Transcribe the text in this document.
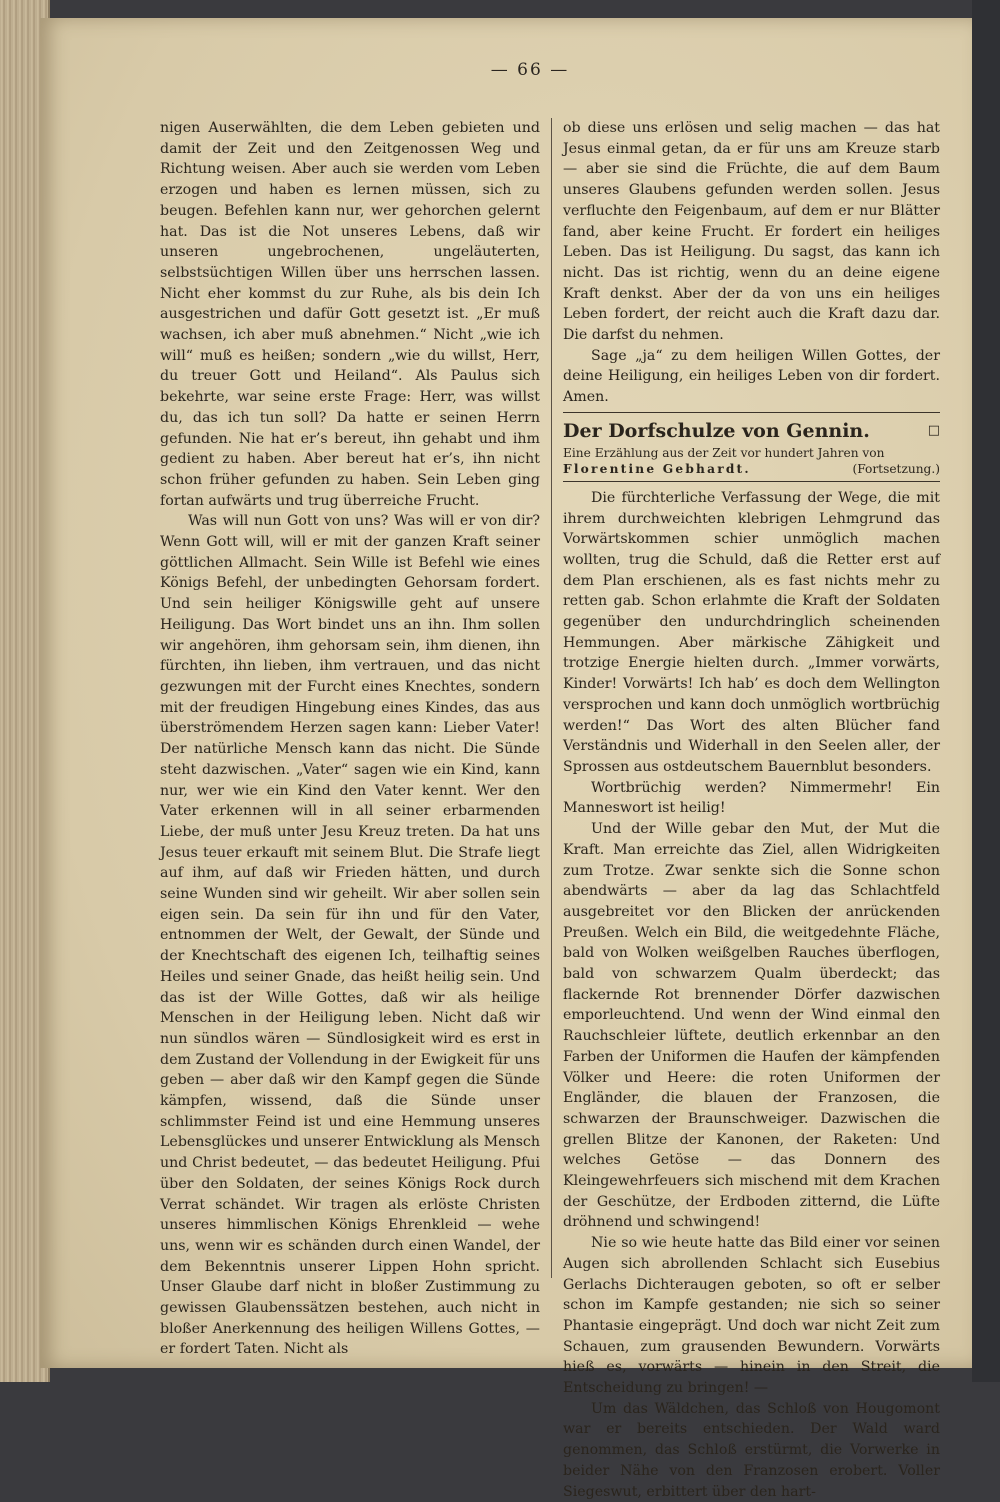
— 66 —

nigen Auserwählten, die dem Leben gebieten und damit der Zeit und den Zeitgenossen Weg und Richtung weisen. Aber auch sie werden vom Leben erzogen und haben es lernen müssen, sich zu beugen. Befehlen kann nur, wer gehorchen gelernt hat. Das ist die Not unseres Lebens, daß wir unseren ungebrochenen, ungeläuterten, selbstsüchtigen Willen über uns herrschen lassen. Nicht eher kommst du zur Ruhe, als bis dein Ich ausgestrichen und dafür Gott gesetzt ist. „Er muß wachsen, ich aber muß abnehmen.“ Nicht „wie ich will“ muß es heißen; sondern „wie du willst, Herr, du treuer Gott und Heiland“. Als Paulus sich bekehrte, war seine erste Frage: Herr, was willst du, das ich tun soll? Da hatte er seinen Herrn gefunden. Nie hat er’s bereut, ihn gehabt und ihm gedient zu haben. Aber bereut hat er’s, ihn nicht schon früher gefunden zu haben. Sein Leben ging fortan aufwärts und trug überreiche Frucht.

Was will nun Gott von uns? Was will er von dir? Wenn Gott will, will er mit der ganzen Kraft seiner göttlichen Allmacht. Sein Wille ist Befehl wie eines Königs Befehl, der unbedingten Gehorsam fordert. Und sein heiliger Königswille geht auf unsere Heiligung. Das Wort bindet uns an ihn. Ihm sollen wir angehören, ihm gehorsam sein, ihm dienen, ihn fürchten, ihn lieben, ihm vertrauen, und das nicht gezwungen mit der Furcht eines Knechtes, sondern mit der freudigen Hingebung eines Kindes, das aus überströmendem Herzen sagen kann: Lieber Vater! Der natürliche Mensch kann das nicht. Die Sünde steht dazwischen. „Vater“ sagen wie ein Kind, kann nur, wer wie ein Kind den Vater kennt. Wer den Vater erkennen will in all seiner erbarmenden Liebe, der muß unter Jesu Kreuz treten. Da hat uns Jesus teuer erkauft mit seinem Blut. Die Strafe liegt auf ihm, auf daß wir Frieden hätten, und durch seine Wunden sind wir geheilt. Wir aber sollen sein eigen sein. Da sein für ihn und für den Vater, entnommen der Welt, der Gewalt, der Sünde und der Knechtschaft des eigenen Ich, teilhaftig seines Heiles und seiner Gnade, das heißt heilig sein. Und das ist der Wille Gottes, daß wir als heilige Menschen in der Heiligung leben. Nicht daß wir nun sündlos wären — Sündlosigkeit wird es erst in dem Zustand der Vollendung in der Ewigkeit für uns geben — aber daß wir den Kampf gegen die Sünde kämpfen, wissend, daß die Sünde unser schlimmster Feind ist und eine Hemmung unseres Lebensglückes und unserer Entwicklung als Mensch und Christ bedeutet, — das bedeutet Heiligung. Pfui über den Soldaten, der seines Königs Rock durch Verrat schändet. Wir tragen als erlöste Christen unseres himmlischen Königs Ehrenkleid — wehe uns, wenn wir es schänden durch einen Wandel, der dem Bekenntnis unserer Lippen Hohn spricht. Unser Glaube darf nicht in bloßer Zustimmung zu gewissen Glaubenssätzen bestehen, auch nicht in bloßer Anerkennung des heiligen Willens Gottes, — er fordert Taten. Nicht als

ob diese uns erlösen und selig machen — das hat Jesus einmal getan, da er für uns am Kreuze starb — aber sie sind die Früchte, die auf dem Baum unseres Glaubens gefunden werden sollen. Jesus verfluchte den Feigenbaum, auf dem er nur Blätter fand, aber keine Frucht. Er fordert ein heiliges Leben. Das ist Heiligung. Du sagst, das kann ich nicht. Das ist richtig, wenn du an deine eigene Kraft denkst. Aber der da von uns ein heiliges Leben fordert, der reicht auch die Kraft dazu dar. Die darfst du nehmen.

Sage „ja“ zu dem heiligen Willen Gottes, der deine Heiligung, ein heiliges Leben von dir fordert. Amen.

Der Dorfschulze von Gennin.	□
Eine Erzählung aus der Zeit vor hundert Jahren von
Florentine Gebhardt.	(Fortsetzung.)

Die fürchterliche Verfassung der Wege, die mit ihrem durchweichten klebrigen Lehmgrund das Vorwärtskommen schier unmöglich machen wollten, trug die Schuld, daß die Retter erst auf dem Plan erschienen, als es fast nichts mehr zu retten gab. Schon erlahmte die Kraft der Soldaten gegenüber den undurchdringlich scheinenden Hemmungen. Aber märkische Zähigkeit und trotzige Energie hielten durch. „Immer vorwärts, Kinder! Vorwärts! Ich hab’ es doch dem Wellington versprochen und kann doch unmöglich wortbrüchig werden!“ Das Wort des alten Blücher fand Verständnis und Widerhall in den Seelen aller, der Sprossen aus ostdeutschem Bauernblut besonders.

Wortbrüchig werden? Nimmermehr! Ein Manneswort ist heilig!

Und der Wille gebar den Mut, der Mut die Kraft. Man erreichte das Ziel, allen Widrigkeiten zum Trotze. Zwar senkte sich die Sonne schon abendwärts — aber da lag das Schlachtfeld ausgebreitet vor den Blicken der anrückenden Preußen. Welch ein Bild, die weitgedehnte Fläche, bald von Wolken weißgelben Rauches überflogen, bald von schwarzem Qualm überdeckt; das flackernde Rot brennender Dörfer dazwischen emporleuchtend. Und wenn der Wind einmal den Rauchschleier lüftete, deutlich erkennbar an den Farben der Uniformen die Haufen der kämpfenden Völker und Heere: die roten Uniformen der Engländer, die blauen der Franzosen, die schwarzen der Braunschweiger. Dazwischen die grellen Blitze der Kanonen, der Raketen: Und welches Getöse — das Donnern des Kleingewehrfeuers sich mischend mit dem Krachen der Geschütze, der Erdboden zitternd, die Lüfte dröhnend und schwingend!

Nie so wie heute hatte das Bild einer vor seinen Augen sich abrollenden Schlacht sich Eusebius Gerlachs Dichteraugen geboten, so oft er selber schon im Kampfe gestanden; nie sich so seiner Phantasie eingeprägt. Und doch war nicht Zeit zum Schauen, zum grausenden Bewundern. Vorwärts hieß es, vorwärts — hinein in den Streit, die Entscheidung zu bringen! —

Um das Wäldchen, das Schloß von Hougomont war er bereits entschieden. Der Wald ward genommen, das Schloß erstürmt, die Vorwerke in beider Nähe von den Franzosen erobert. Voller Siegeswut, erbittert über den hart-
